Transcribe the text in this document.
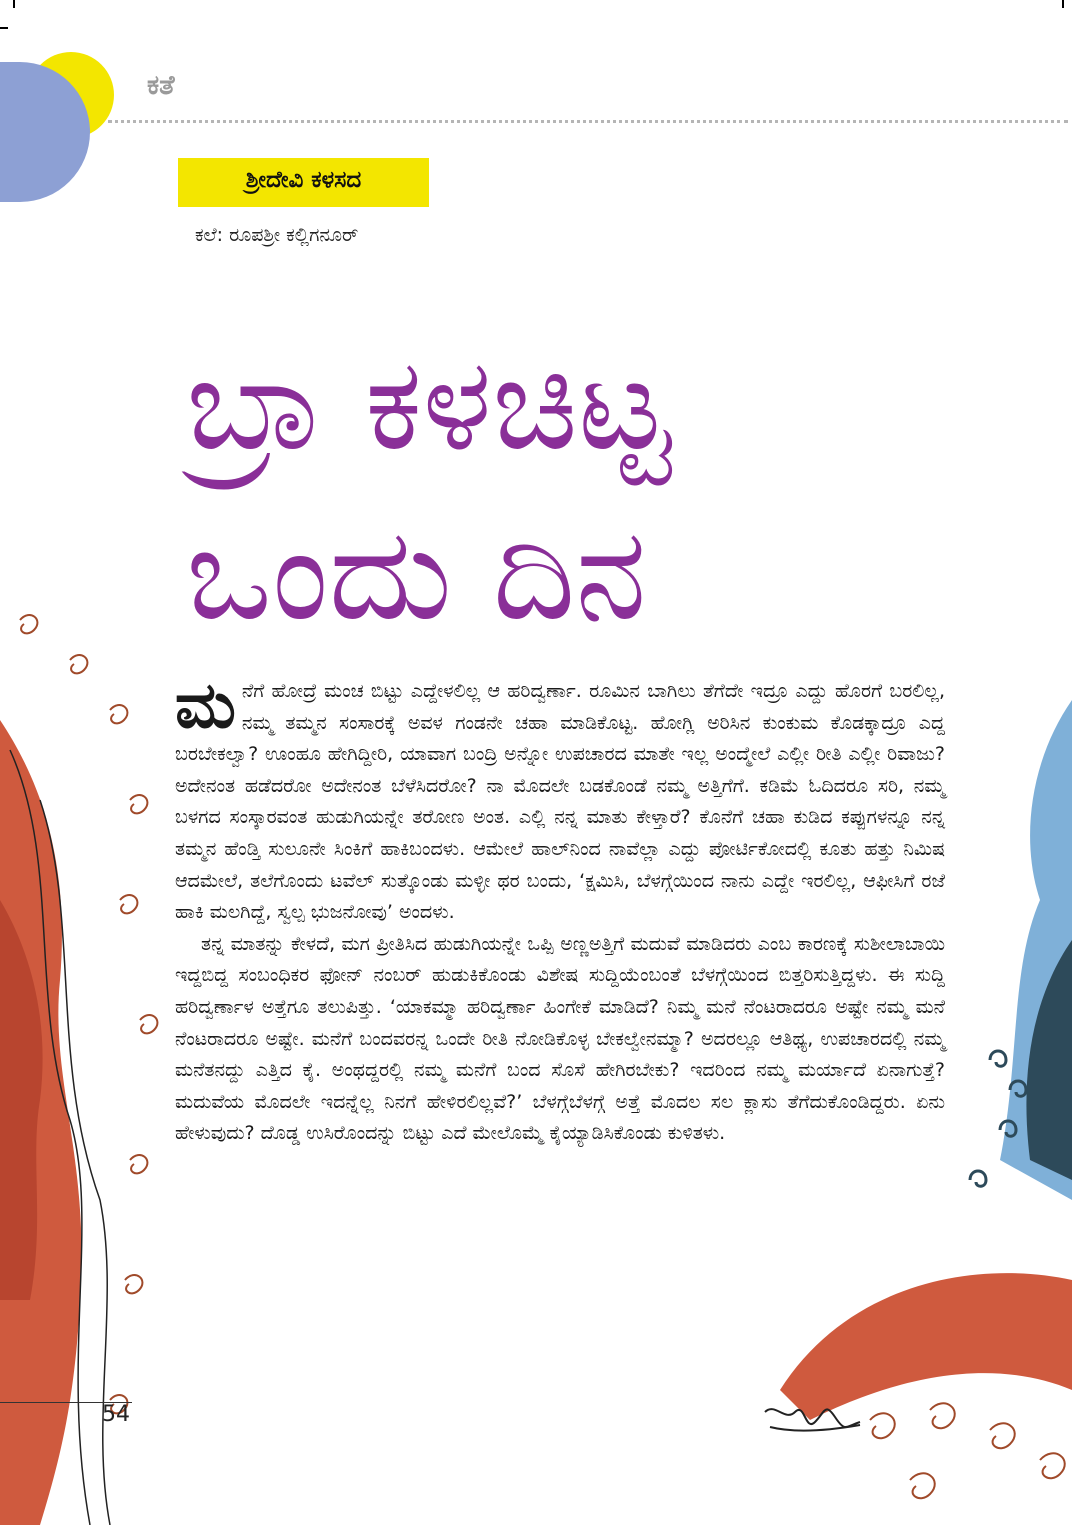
ಕತೆ
ಶ್ರೀದೇವಿ ಕಳಸದ
ಕಲೆ: ರೂಪಶ್ರೀ ಕಲ್ಲಿಗನೂರ್
ಬ್ರಾ ಕಳಚಿಟ್ಟ
ಒಂದು ದಿನ

ಮನೆಗೆ ಹೋದ್ರೆ ಮಂಚ ಬಿಟ್ಟು ಎದ್ದೇಳಲಿಲ್ಲ ಆ ಹರಿದ್ವರ್ಣಾ. ರೂಮಿನ ಬಾಗಿಲು ತೆಗೆದೇ ಇದ್ರೂ ಎದ್ದು ಹೊರಗೆ ಬರಲಿಲ್ಲ, ನಮ್ಮ ತಮ್ಮನ ಸಂಸಾರಕ್ಕೆ ಅವಳ ಗಂಡನೇ ಚಹಾ ಮಾಡಿಕೊಟ್ಟ. ಹೋಗ್ಲಿ ಅರಿಸಿನ ಕುಂಕುಮ ಕೊಡಕ್ಕಾದ್ರೂ ಎದ್ದ ಬರಬೇಕಲ್ವಾ? ಊಂಹೂ ಹೇಗಿದ್ದೀರಿ, ಯಾವಾಗ ಬಂದ್ರಿ ಅನ್ನೋ ಉಪಚಾರದ ಮಾತೇ ಇಲ್ಲ ಅಂದ್ಮೇಲೆ ಎಲ್ಲೀ ರೀತಿ ಎಲ್ಲೀ ರಿವಾಜು? ಅದೇನಂತ ಹಡೆದರೋ ಅದೇನಂತ ಬೆಳೆಸಿದರೋ? ನಾ ಮೊದಲೇ ಬಡಕೊಂಡೆ ನಮ್ಮ ಅತ್ತಿಗೆಗೆ. ಕಡಿಮೆ ಓದಿದರೂ ಸರಿ, ನಮ್ಮ ಬಳಗದ ಸಂಸ್ಕಾರವಂತ ಹುಡುಗಿಯನ್ನೇ ತರೋಣ ಅಂತ. ಎಲ್ಲಿ ನನ್ನ ಮಾತು ಕೇಳ್ತಾರೆ? ಕೊನೆಗೆ ಚಹಾ ಕುಡಿದ ಕಪ್ಪುಗಳನ್ನೂ ನನ್ನ ತಮ್ಮನ ಹೆಂಡ್ತಿ ಸುಲೂನೇ ಸಿಂಕಿಗೆ ಹಾಕಿಬಂದಳು. ಆಮೇಲೆ ಹಾಲ್‌ನಿಂದ ನಾವೆಲ್ಲಾ ಎದ್ದು ಪೋರ್ಟಿಕೋದಲ್ಲಿ ಕೂತು ಹತ್ತು ನಿಮಿಷ ಆದಮೇಲೆ, ತಲೆಗೊಂದು ಟವೆಲ್ ಸುತ್ಕೊಂಡು ಮಳ್ಳೀ ಥರ ಬಂದು, ‘ಕ್ಷಮಿಸಿ, ಬೆಳಗ್ಗೆಯಿಂದ ನಾನು ಎದ್ದೇ ಇರಲಿಲ್ಲ, ಆಫೀಸಿಗೆ ರಜೆ ಹಾಕಿ ಮಲಗಿದ್ದೆ, ಸ್ವಲ್ಪ ಭುಜನೋವು’ ಅಂದಳು.

ತನ್ನ ಮಾತನ್ನು ಕೇಳದೆ, ಮಗ ಪ್ರೀತಿಸಿದ ಹುಡುಗಿಯನ್ನೇ ಒಪ್ಪಿ ಅಣ್ಣಅತ್ತಿಗೆ ಮದುವೆ ಮಾಡಿದರು ಎಂಬ ಕಾರಣಕ್ಕೆ ಸುಶೀಲಾಬಾಯಿ ಇದ್ದಬಿದ್ದ ಸಂಬಂಧಿಕರ ಫೋನ್ ನಂಬರ್ ಹುಡುಕಿಕೊಂಡು ವಿಶೇಷ ಸುದ್ದಿಯೆಂಬಂತೆ ಬೆಳಗ್ಗೆಯಿಂದ ಬಿತ್ತರಿಸುತ್ತಿದ್ದಳು. ಈ ಸುದ್ದಿ ಹರಿದ್ವರ್ಣಾಳ ಅತ್ತೆಗೂ ತಲುಪಿತ್ತು. ‘ಯಾಕಮ್ಮಾ ಹರಿದ್ವರ್ಣಾ ಹಿಂಗೇಕೆ ಮಾಡಿದೆ? ನಿಮ್ಮ ಮನೆ ನೆಂಟರಾದರೂ ಅಷ್ಟೇ ನಮ್ಮ ಮನೆ ನೆಂಟರಾದರೂ ಅಷ್ಟೇ. ಮನೆಗೆ ಬಂದವರನ್ನ ಒಂದೇ ರೀತಿ ನೋಡಿಕೊಳ್ಳ ಬೇಕಲ್ವೇನಮ್ಮಾ? ಅದರಲ್ಲೂ ಆತಿಥ್ಯ, ಉಪಚಾರದಲ್ಲಿ ನಮ್ಮ ಮನೆತನದ್ದು ಎತ್ತಿದ ಕೈ. ಅಂಥದ್ದರಲ್ಲಿ ನಮ್ಮ ಮನೆಗೆ ಬಂದ ಸೊಸೆ ಹೇಗಿರಬೇಕು? ಇದರಿಂದ ನಮ್ಮ ಮರ್ಯಾದೆ ಏನಾಗುತ್ತೆ? ಮದುವೆಯ ಮೊದಲೇ ಇದನ್ನೆಲ್ಲ ನಿನಗೆ ಹೇಳಿರಲಿಲ್ಲವೆ?’ ಬೆಳಗ್ಗೆಬೆಳಗ್ಗೆ ಅತ್ತೆ ಮೊದಲ ಸಲ ಕ್ಲಾಸು ತೆಗೆದುಕೊಂಡಿದ್ದರು. ಏನು ಹೇಳುವುದು? ದೊಡ್ಡ ಉಸಿರೊಂದನ್ನು ಬಿಟ್ಟು ಎದೆ ಮೇಲೊಮ್ಮೆ ಕೈಯ್ಯಾಡಿಸಿಕೊಂಡು ಕುಳಿತಳು.

54
